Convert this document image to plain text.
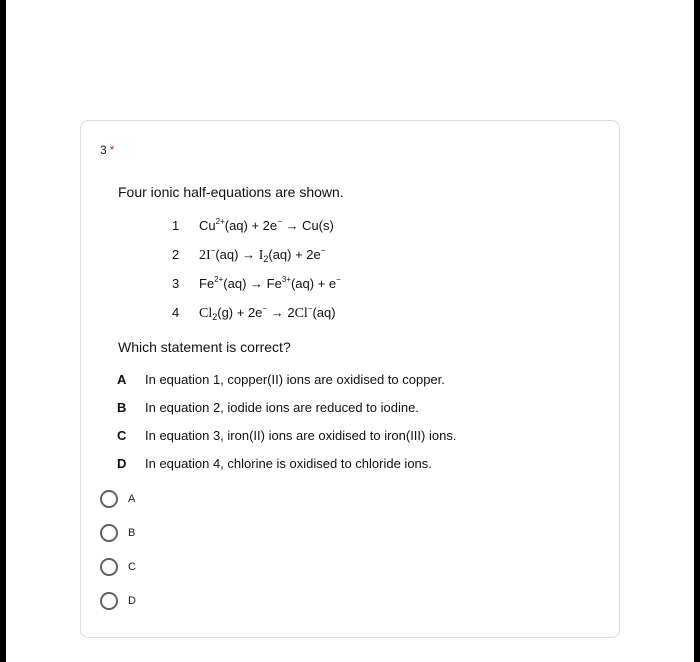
3 *
Four ionic half-equations are shown.
1 $Cu^{2+}(aq) + 2e^- \to Cu(s)$
2 $2I^-(aq) \to I_2(aq) + 2e^-$
3 $Fe^{2+}(aq) \to Fe^{3+}(aq) + e^-$
4 $Cl_2(g) + 2e^- \to 2Cl^-(aq)$
Which statement is correct?
A In equation 1, copper(II) ions are oxidised to copper.
B In equation 2, iodide ions are reduced to iodine.
C In equation 3, iron(II) ions are oxidised to iron(III) ions.
D In equation 4, chlorine is oxidised to chloride ions.
A
B
C
D
